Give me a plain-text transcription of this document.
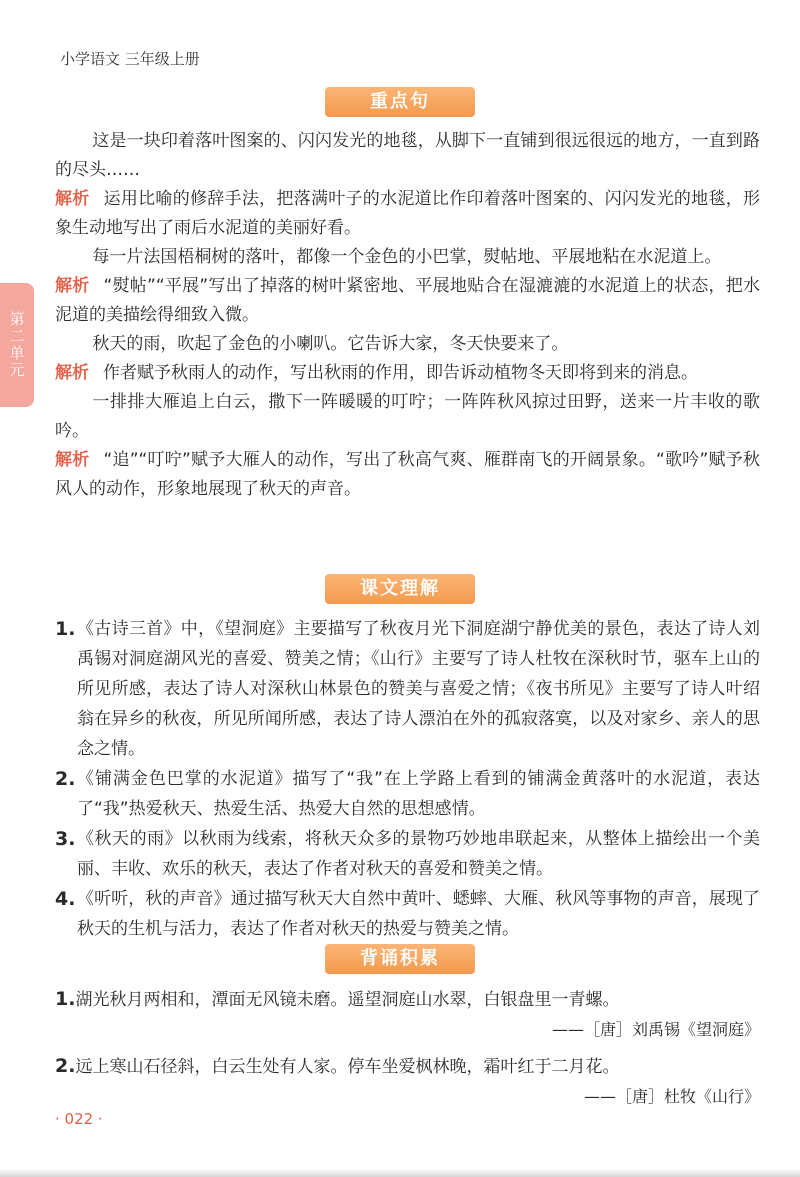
小学语文 三年级上册
第二单元
重点句

这是一块印着落叶图案的、闪闪发光的地毯，从脚下一直铺到很远很远的地方，一直到路的尽头……

解析 运用比喻的修辞手法，把落满叶子的水泥道比作印着落叶图案的、闪闪发光的地毯，形象生动地写出了雨后水泥道的美丽好看。

每一片法国梧桐树的落叶，都像一个金色的小巴掌，熨帖地、平展地粘在水泥道上。

解析 “熨帖”“平展”写出了掉落的树叶紧密地、平展地贴合在湿漉漉的水泥道上的状态，把水泥道的美描绘得细致入微。

秋天的雨，吹起了金色的小喇叭。它告诉大家，冬天快要来了。

解析 作者赋予秋雨人的动作，写出秋雨的作用，即告诉动植物冬天即将到来的消息。

一排排大雁追上白云，撒下一阵暖暖的叮咛；一阵阵秋风掠过田野，送来一片丰收的歌吟。

解析 “追”“叮咛”赋予大雁人的动作，写出了秋高气爽、雁群南飞的开阔景象。“歌吟”赋予秋风人的动作，形象地展现了秋天的声音。

课文理解
1. 《古诗三首》中，《望洞庭》主要描写了秋夜月光下洞庭湖宁静优美的景色，表达了诗人刘禹锡对洞庭湖风光的喜爱、赞美之情；《山行》主要写了诗人杜牧在深秋时节，驱车上山的所见所感，表达了诗人对深秋山林景色的赞美与喜爱之情；《夜书所见》主要写了诗人叶绍翁在异乡的秋夜，所见所闻所感，表达了诗人漂泊在外的孤寂落寞，以及对家乡、亲人的思念之情。
2. 《铺满金色巴掌的水泥道》描写了“我”在上学路上看到的铺满金黄落叶的水泥道，表达了“我”热爱秋天、热爱生活、热爱大自然的思想感情。
3. 《秋天的雨》以秋雨为线索，将秋天众多的景物巧妙地串联起来，从整体上描绘出一个美丽、丰收、欢乐的秋天，表达了作者对秋天的喜爱和赞美之情。
4. 《听听，秋的声音》通过描写秋天大自然中黄叶、蟋蟀、大雁、秋风等事物的声音，展现了秋天的生机与活力，表达了作者对秋天的热爱与赞美之情。
背诵积累

1.湖光秋月两相和，潭面无风镜未磨。遥望洞庭山水翠，白银盘里一青螺。

——［唐］刘禹锡《望洞庭》

2.远上寒山石径斜，白云生处有人家。停车坐爱枫林晚，霜叶红于二月花。

——［唐］杜牧《山行》

· 022 ·
